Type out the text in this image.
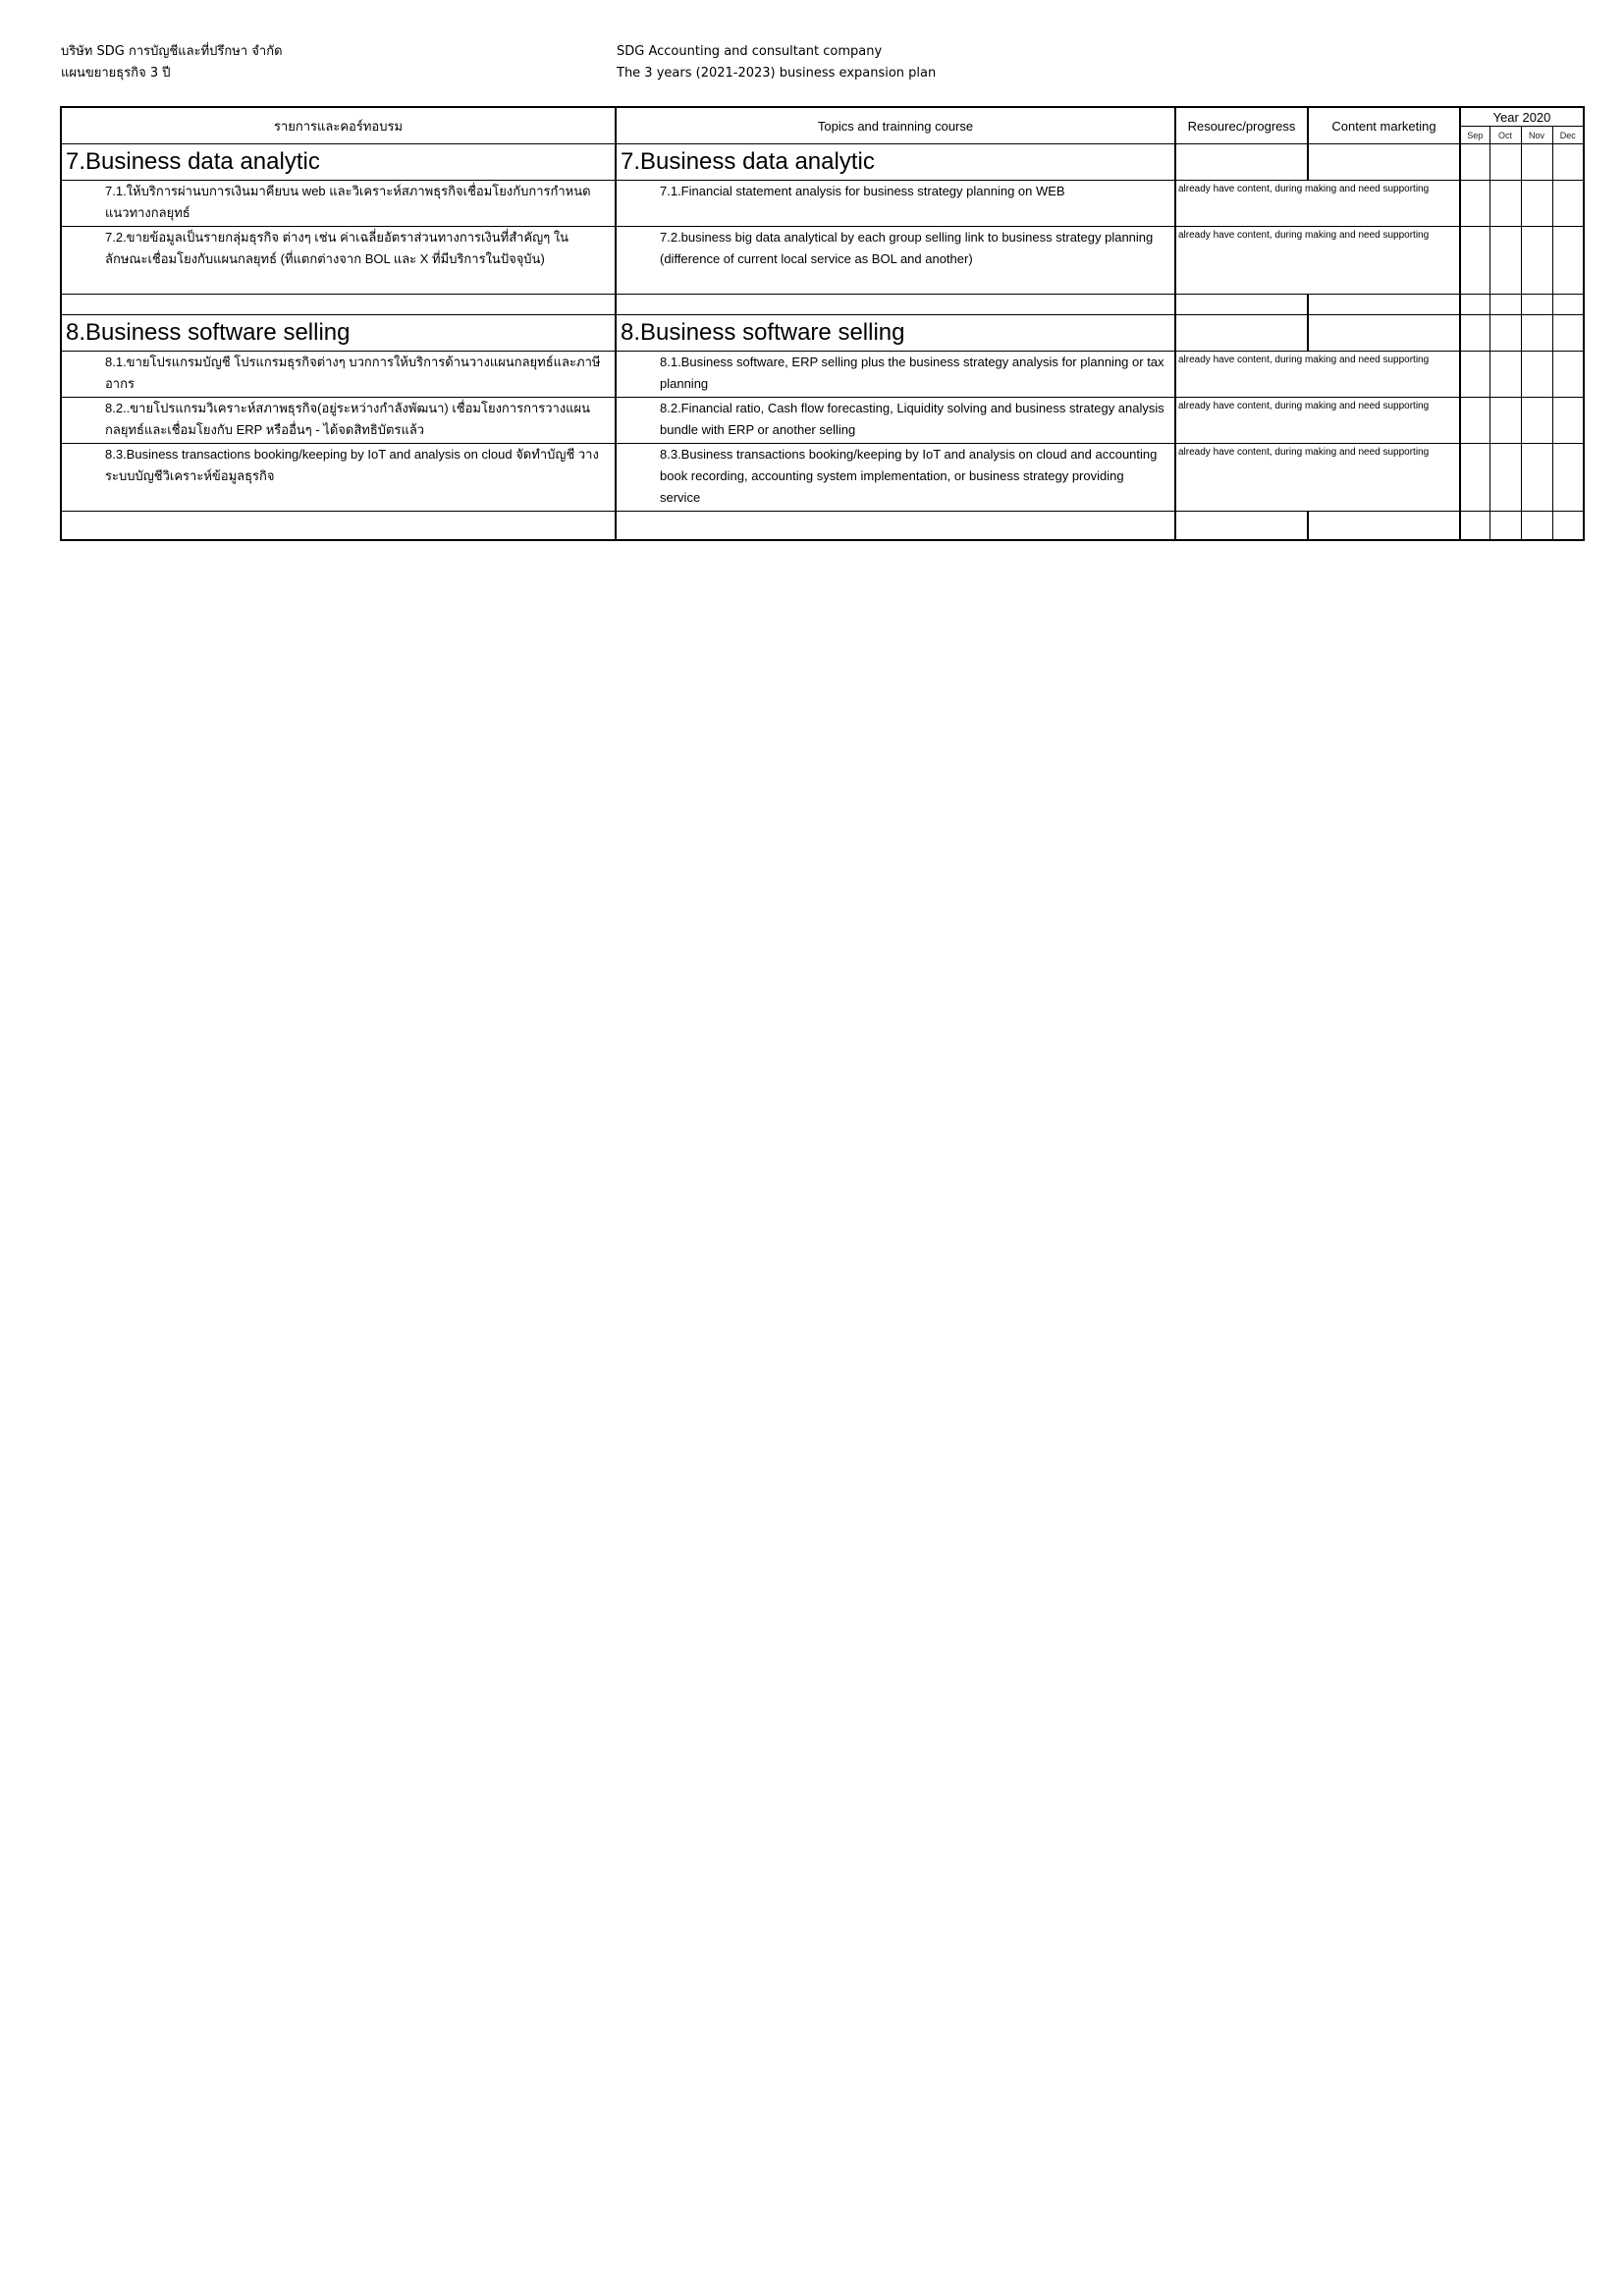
บริษัท SDG การบัญชีและที่ปรึกษา จำกัด
แผนขยายธุรกิจ 3 ปี
SDG Accounting and consultant company
The 3 years (2021-2023) business expansion plan
รายการและคอร์ทอบรม	Topics and trainning course	Resourec/progress	Content marketing	Year 2020			
				Sep	Oct	Nov	Dec
7.Business data analytic	7.Business data analytic						
7.1.ให้บริการผ่านบการเงินมาคียบน web และวิเคราะห์สภาพธุรกิจเชื่อมโยงกับการกำหนดแนวทางกลยุทธ์	7.1.Financial statement analysis for business strategy planning on WEB	already have content, during making and need supporting					
7.2.ขายข้อมูลเป็นรายกลุ่มธุรกิจ ต่างๆ เช่น ค่าเฉลี่ยอัตราส่วนทางการเงินที่สำคัญๆ ในลักษณะเชื่อมโยงกับแผนกลยุทธ์ (ที่แตกต่างจาก BOL และ X ที่มีบริการในปัจจุบัน)	7.2.business big data analytical by each group selling link to business strategy planning (difference of current local service as BOL and another)	already have content, during making and need supporting					

8.Business software selling	8.Business software selling						
8.1.ขายโปรแกรมบัญชี โปรแกรมธุรกิจต่างๆ บวกการให้บริการด้านวางแผนกลยุทธ์และภาษีอากร	8.1.Business software, ERP selling plus the business strategy analysis for planning or tax planning	already have content, during making and need supporting					
8.2..ขายโปรแกรมวิเคราะห์สภาพธุรกิจ(อยู่ระหว่างกำลังพัฒนา) เชื่อมโยงการการวางแผนกลยุทธ์และเชื่อมโยงกับ ERP หรืออื่นๆ - ได้จดสิทธิบัตรแล้ว	8.2.Financial ratio, Cash flow forecasting, Liquidity solving and business strategy analysis bundle with ERP or another selling	already have content, during making and need supporting					
8.3.Business transactions booking/keeping by IoT and analysis on cloud จัดทำบัญชี วางระบบบัญชีวิเคราะห์ข้อมูลธุรกิจ	8.3.Business transactions booking/keeping by IoT and analysis on cloud and accounting book recording, accounting system implementation, or business strategy providing service	already have content, during making and need supporting					
